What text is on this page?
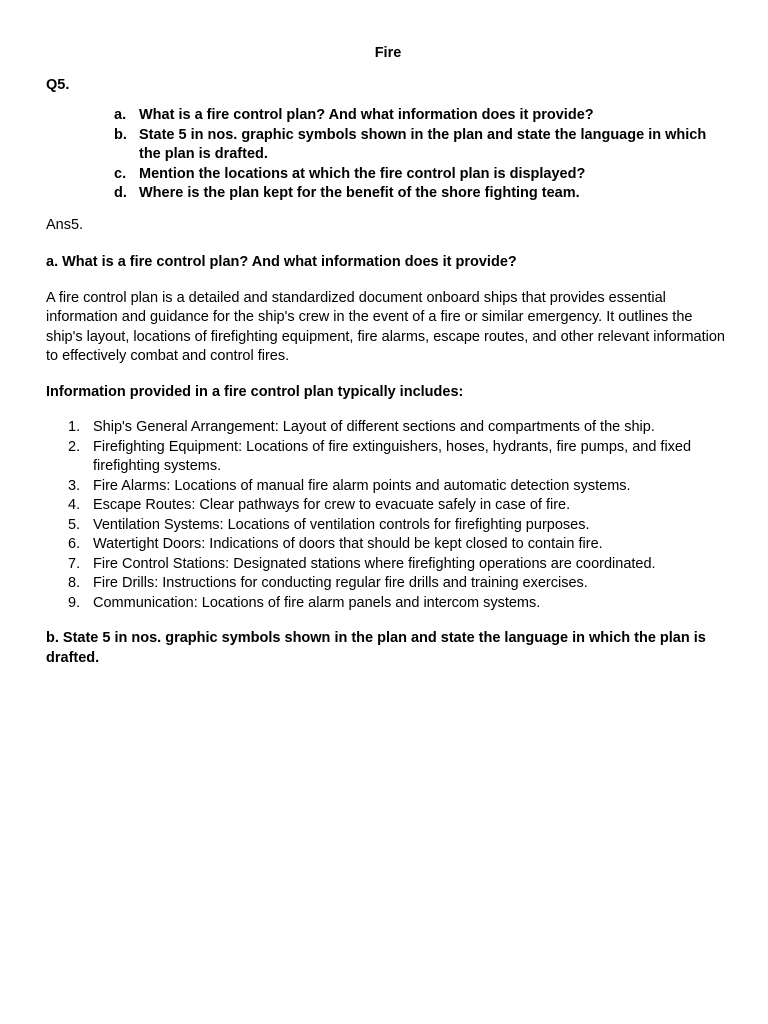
Fire
Q5.
a. What is a fire control plan? And what information does it provide?
b. State 5 in nos. graphic symbols shown in the plan and state the language in which the plan is drafted.
c. Mention the locations at which the fire control plan is displayed?
d. Where is the plan kept for the benefit of the shore fighting team.
Ans5.
a. What is a fire control plan? And what information does it provide?
A fire control plan is a detailed and standardized document onboard ships that provides essential information and guidance for the ship's crew in the event of a fire or similar emergency. It outlines the ship's layout, locations of firefighting equipment, fire alarms, escape routes, and other relevant information to effectively combat and control fires.
Information provided in a fire control plan typically includes:
1. Ship's General Arrangement: Layout of different sections and compartments of the ship.
2. Firefighting Equipment: Locations of fire extinguishers, hoses, hydrants, fire pumps, and fixed firefighting systems.
3. Fire Alarms: Locations of manual fire alarm points and automatic detection systems.
4. Escape Routes: Clear pathways for crew to evacuate safely in case of fire.
5. Ventilation Systems: Locations of ventilation controls for firefighting purposes.
6. Watertight Doors: Indications of doors that should be kept closed to contain fire.
7. Fire Control Stations: Designated stations where firefighting operations are coordinated.
8. Fire Drills: Instructions for conducting regular fire drills and training exercises.
9. Communication: Locations of fire alarm panels and intercom systems.
b. State 5 in nos. graphic symbols shown in the plan and state the language in which the plan is drafted.
